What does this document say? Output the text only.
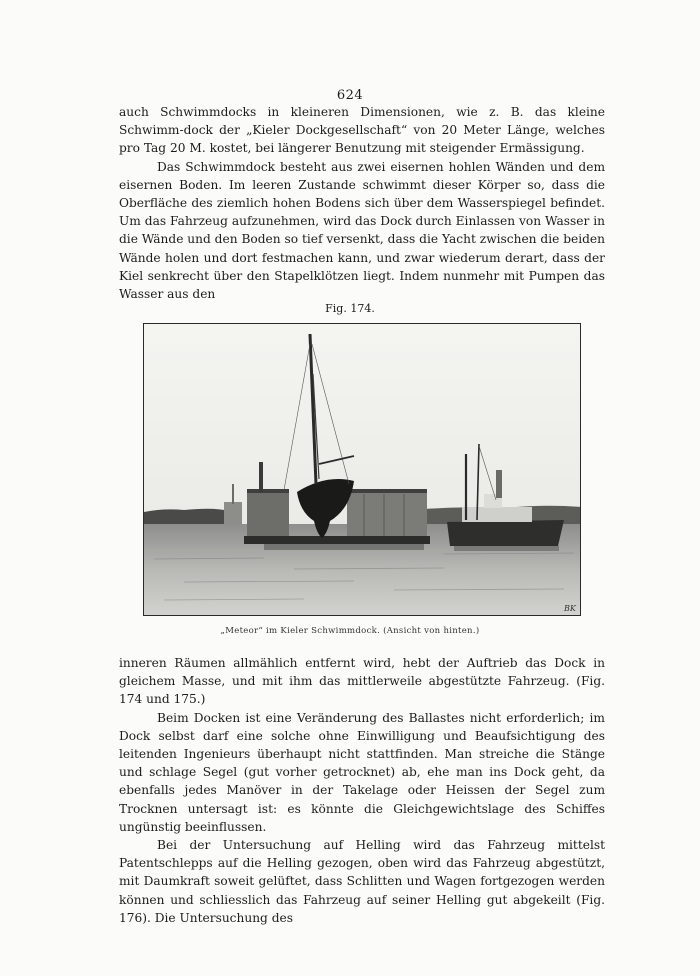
624

auch Schwimmdocks in kleineren Dimensionen, wie z. B. das kleine Schwimm-dock der „Kieler Dockgesellschaft“ von 20 Meter Länge, welches pro Tag 20 M. kostet, bei längerer Benutzung mit steigender Ermässigung.

Das Schwimmdock besteht aus zwei eisernen hohlen Wänden und dem eisernen Boden. Im leeren Zustande schwimmt dieser Körper so, dass die Oberfläche des ziemlich hohen Bodens sich über dem Wasserspiegel befindet. Um das Fahrzeug aufzunehmen, wird das Dock durch Einlassen von Wasser in die Wände und den Boden so tief versenkt, dass die Yacht zwischen die beiden Wände holen und dort festmachen kann, und zwar wiederum derart, dass der Kiel senkrecht über den Stapelklötzen liegt. Indem nunmehr mit Pumpen das Wasser aus den

Fig. 174.
BK
„Meteor“ im Kieler Schwimmdock. (Ansicht von hinten.)

inneren Räumen allmählich entfernt wird, hebt der Auftrieb das Dock in gleichem Masse, und mit ihm das mittlerweile abgestützte Fahrzeug. (Fig. 174 und 175.)

Beim Docken ist eine Veränderung des Ballastes nicht erforderlich; im Dock selbst darf eine solche ohne Einwilligung und Beaufsichtigung des leitenden Ingenieurs überhaupt nicht stattfinden. Man streiche die Stänge und schlage Segel (gut vorher getrocknet) ab, ehe man ins Dock geht, da ebenfalls jedes Manöver in der Takelage oder Heissen der Segel zum Trocknen untersagt ist: es könnte die Gleichgewichtslage des Schiffes ungünstig beeinflussen.

Bei der Untersuchung auf Helling wird das Fahrzeug mittelst Patentschlepps auf die Helling gezogen, oben wird das Fahrzeug abgestützt, mit Daumkraft soweit gelüftet, dass Schlitten und Wagen fortgezogen werden können und schliesslich das Fahrzeug auf seiner Helling gut abgekeilt (Fig. 176). Die Untersuchung des
